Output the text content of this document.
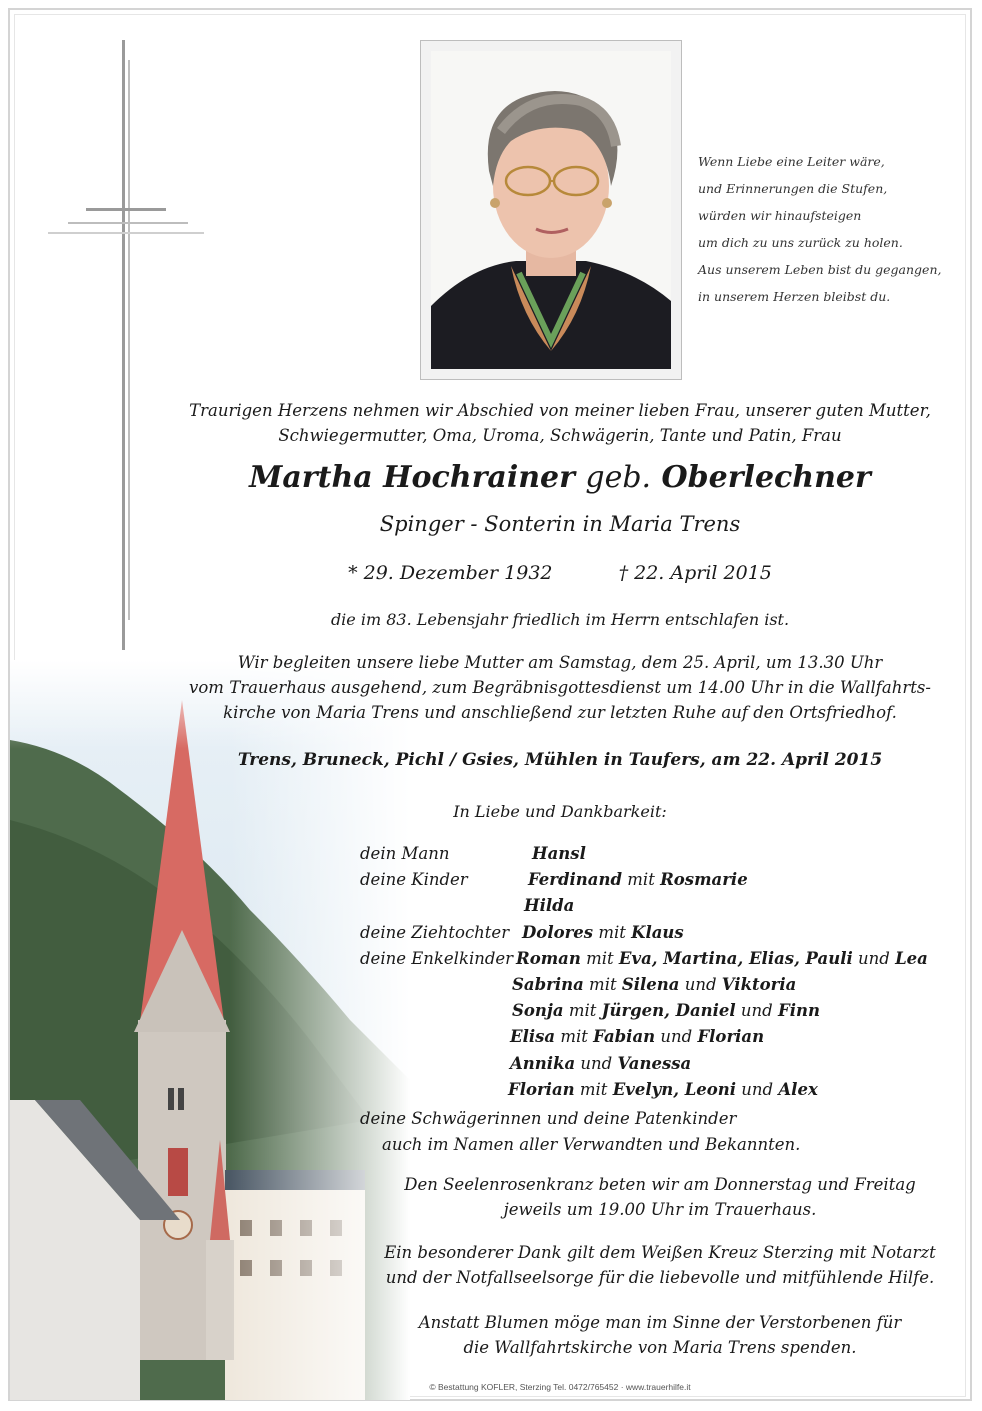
Wenn Liebe eine Leiter wäre,
und Erinnerungen die Stufen,
würden wir hinaufsteigen
um dich zu uns zurück zu holen.
Aus unserem Leben bist du gegangen,
in unserem Herzen bleibst du.
Traurigen Herzens nehmen wir Abschied von meiner lieben Frau, unserer guten Mutter,
Schwiegermutter, Oma, Uroma, Schwägerin, Tante und Patin, Frau
Martha Hochrainer geb. Oberlechner
Spinger - Sonterin in Maria Trens
* 29. Dezember 1932	† 22. April 2015
die im 83. Lebensjahr friedlich im Herrn entschlafen ist.
Wir begleiten unsere liebe Mutter am Samstag, dem 25. April, um 13.30 Uhr
vom Trauerhaus ausgehend, zum Begräbnisgottesdienst um 14.00 Uhr in die Wallfahrts-
kirche von Maria Trens und anschließend zur letzten Ruhe auf den Ortsfriedhof.
Trens, Bruneck, Pichl / Gsies, Mühlen in Taufers, am 22. April 2015
In Liebe und Dankbarkeit:
dein Mann
deine Kinder

deine Ziehtochter
deine Enkelkinder
Hansl
Ferdinand mit Rosmarie
Hilda
Dolores mit Klaus
Roman mit Eva, Martina, Elias, Pauli und Lea
Sabrina mit Silena und Viktoria
Sonja mit Jürgen, Daniel und Finn
Elisa mit Fabian und Florian
Annika und Vanessa
Florian mit Evelyn, Leoni und Alex
deine Schwägerinnen und deine Patenkinder
auch im Namen aller Verwandten und Bekannten.
Den Seelenrosenkranz beten wir am Donnerstag und Freitag
jeweils um 19.00 Uhr im Trauerhaus.
Ein besonderer Dank gilt dem Weißen Kreuz Sterzing mit Notarzt
und der Notfallseelsorge für die liebevolle und mitfühlende Hilfe.
Anstatt Blumen möge man im Sinne der Verstorbenen für
die Wallfahrtskirche von Maria Trens spenden.
© Bestattung KOFLER, Sterzing Tel. 0472/765452 · www.trauerhilfe.it
